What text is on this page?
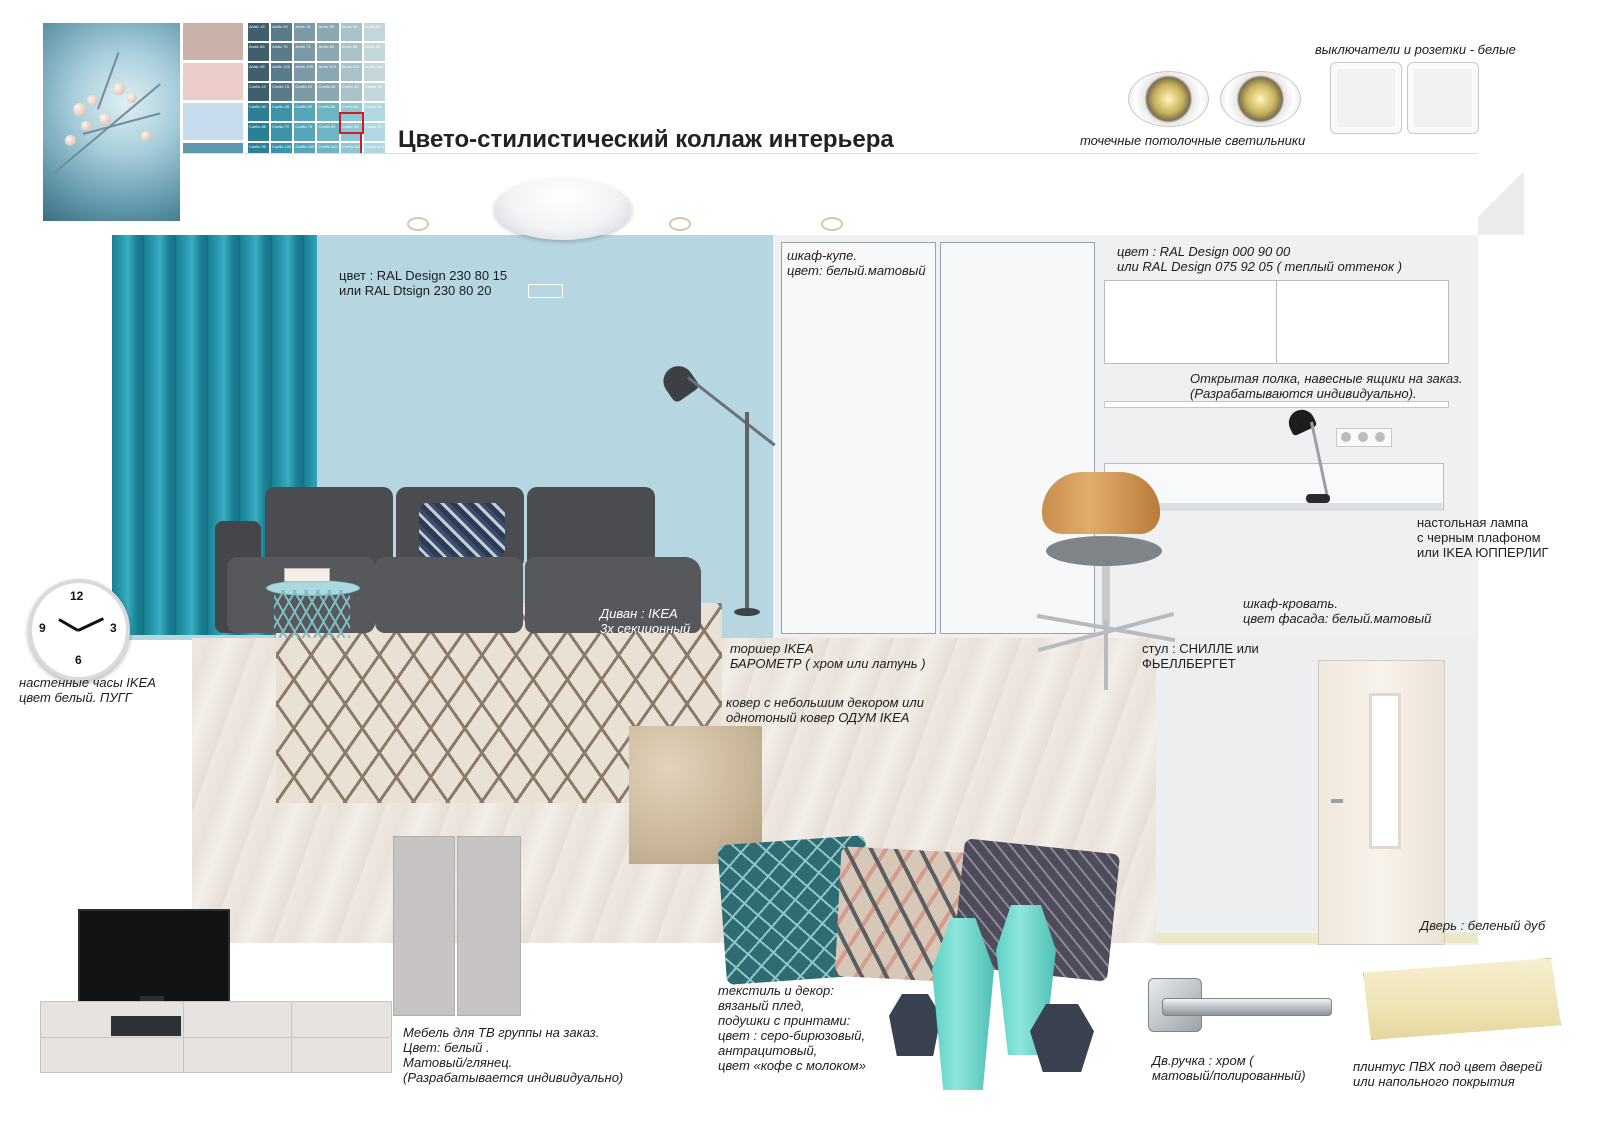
Arctic 15	Arctic 40	Arctic 41	Arctic 50	Arctic 35	Arctic 60
Arctic 85	Arctic 70	Arctic 71	Arctic 80	Arctic 85	Arctic 90
Arctic 95	Arctic 100	Arctic 105	Arctic 110	Arctic 115	Arctic 120
Coello 10	Coello 15	Coello 20	Coello 25	Coello 30	Coello 35
Coello 40	Coello 45	Coello 50	Coello 55	Coello 60	Coello 65
Coello 65	Coello 70	Coello 75	Coello 80	Coello 85	Coello 90
Coello 95	Coello 100 Coello 105 Coello 110	Coello 115	Coello 120 Цвето-стилистический коллаж интерьера
цвет : RAL Design 230 80 15
или RAL Dtsign 230 80 20
шкаф-купе.
цвет: белый.матовый
цвет : RAL Design 000 90 00
или RAL Design 075 92 05 ( теплый оттенок )
Открытая полка, навесные ящики на заказ.
(Разрабатываются индивидуально).
настольная лампа
с черным плафоном
или IKEA ЮППЕРЛИГ
стул : СНИЛЛЕ или
ФЬЕЛЛБЕРГЕТ
шкаф-кровать.
цвет фасада: белый.матовый
Дверь : беленый дуб
торшер IKEA
БАРОМЕТР ( хром или латунь )
ковер с небольшим декором или
однотоный ковер ОДУМ IKEA
Диван : IKEA
3х секционный
12
3
6
9
настенные часы IKEA
цвет белый. ПУГГ
точечные потолочные светильники
выключатели и розетки - белые
Мебель для ТВ группы на заказ.
Цвет: белый .
Матовый/глянец.
(Разрабатывается индивидуально)
текстиль и декор:
вязаный плед,
подушки с принтами:
цвет : серо-бирюзовый,
антрацитовый,
цвет «кофе с молоком»	Дв.ручка : хром (
матовый/полированный)
плинтус ПВХ под цвет дверей
или напольного покрытия
